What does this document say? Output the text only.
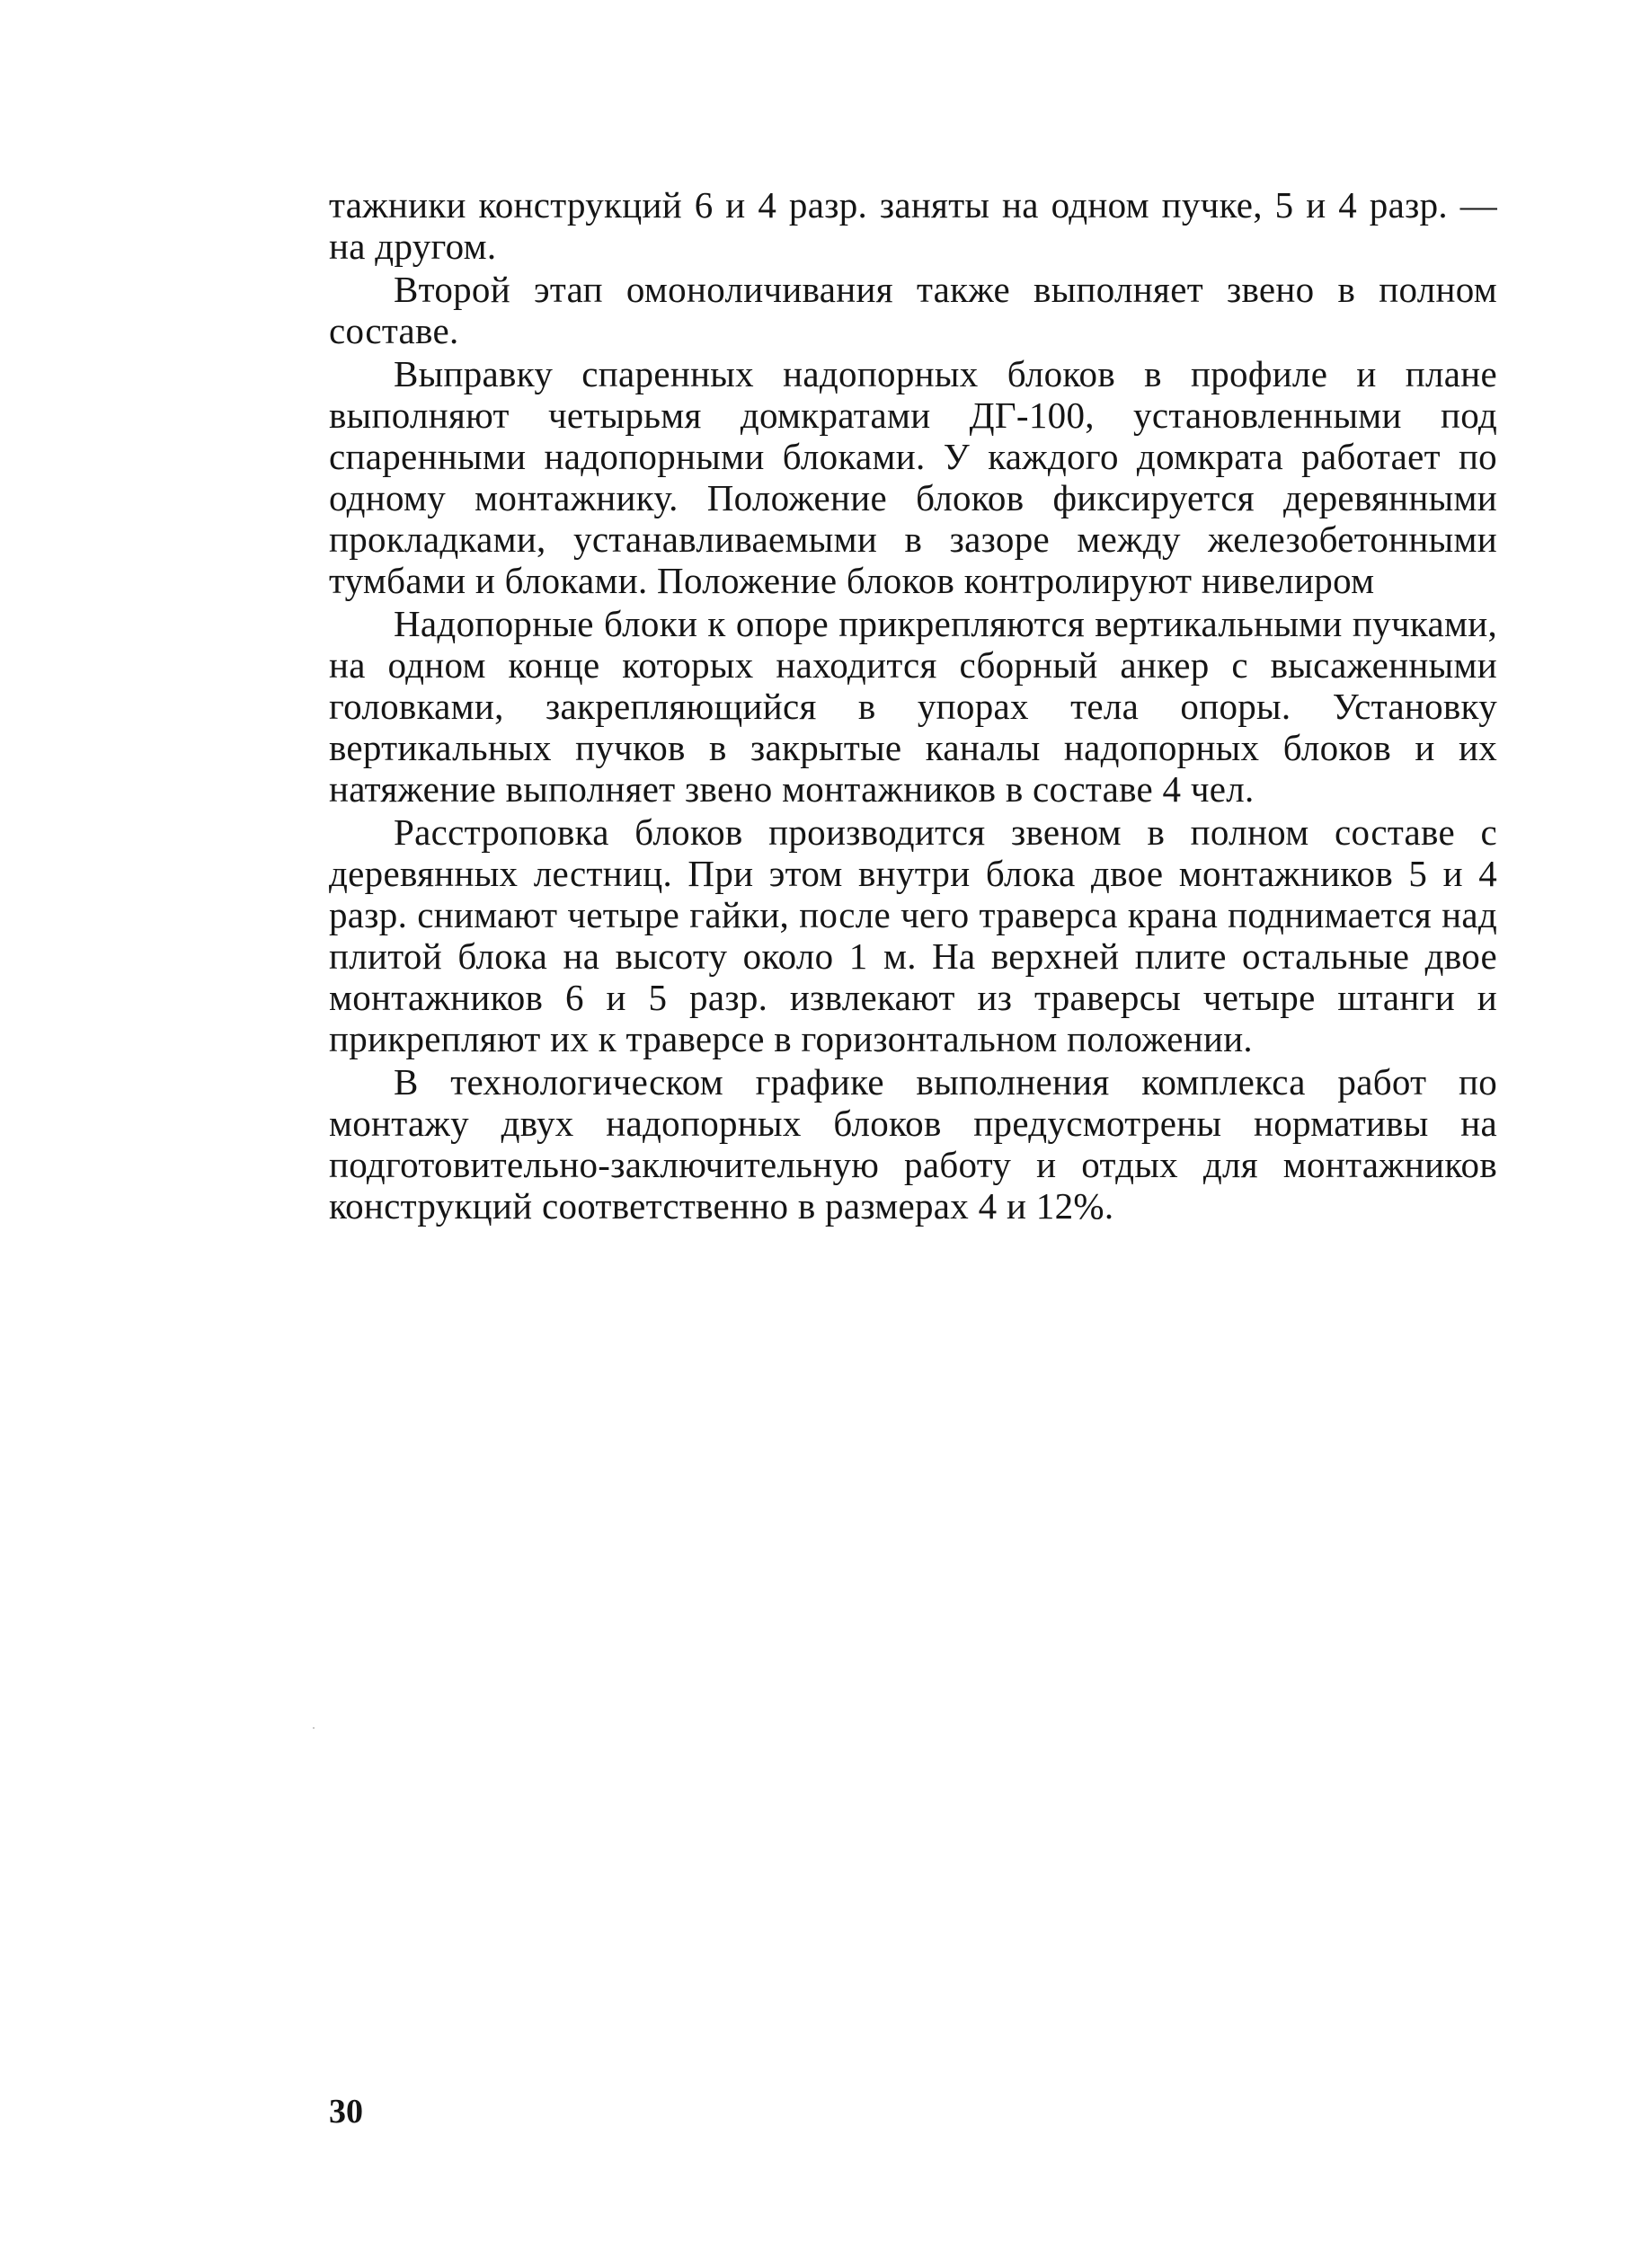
тажники конструкций 6 и 4 разр. заняты на одном пучке, 5 и 4 разр. — на другом.

Второй этап омоноличивания также выполняет звено в полном составе.

Выправку спаренных надопорных блоков в профиле и плане выполняют четырьмя домкратами ДГ-100, установленными под спаренными надопорными блоками. У каждого домкрата работает по одному монтажнику. Положение блоков фиксируется деревянными прокладками, устанавливаемыми в зазоре между железобетонными тумбами и блоками. Положение блоков контролируют нивелиром

Надопорные блоки к опоре прикрепляются вертикальными пучками, на одном конце которых находится сборный анкер с высаженными головками, закрепляющийся в упорах тела опоры. Установку вертикальных пучков в закрытые каналы надопорных блоков и их натяжение выполняет звено монтажников в составе 4 чел.

Расстроповка блоков производится звеном в полном составе с деревянных лестниц. При этом внутри блока двое монтажников 5 и 4 разр. снимают четыре гайки, после чего траверса крана поднимается над плитой блока на высоту около 1 м. На верхней плите остальные двое монтажников 6 и 5 разр. извлекают из траверсы четыре штанги и прикрепляют их к траверсе в горизонтальном положении.

В технологическом графике выполнения комплекса работ по монтажу двух надопорных блоков предусмотрены нормативы на подготовительно-заключительную работу и отдых для монтажников конструкций соответственно в размерах 4 и 12%.

30
